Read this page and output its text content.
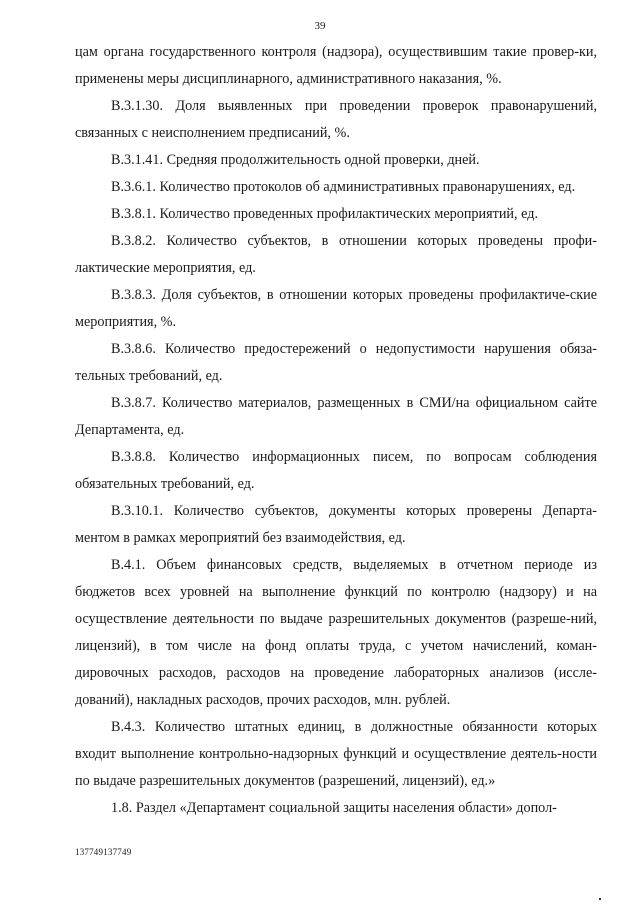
39

цам органа государственного контроля (надзора), осуществившим такие провер-ки, применены меры дисциплинарного, административного наказания, %.

В.3.1.30. Доля выявленных при проведении проверок правонарушений, связанных с неисполнением предписаний, %.

В.3.1.41. Средняя продолжительность одной проверки, дней.

В.3.6.1. Количество протоколов об административных правонарушениях, ед.

В.3.8.1. Количество проведенных профилактических мероприятий, ед.

В.3.8.2. Количество субъектов, в отношении которых проведены профи-лактические мероприятия, ед.

В.3.8.3. Доля субъектов, в отношении которых проведены профилактиче-ские мероприятия, %.

В.3.8.6. Количество предостережений о недопустимости нарушения обяза-тельных требований, ед.

В.3.8.7. Количество материалов, размещенных в СМИ/на официальном сайте Департамента, ед.

В.3.8.8. Количество информационных писем, по вопросам соблюдения обязательных требований, ед.

В.3.10.1. Количество субъектов, документы которых проверены Департа-ментом в рамках мероприятий без взаимодействия, ед.

В.4.1. Объем финансовых средств, выделяемых в отчетном периоде из бюджетов всех уровней на выполнение функций по контролю (надзору) и на осуществление деятельности по выдаче разрешительных документов (разреше-ний, лицензий), в том числе на фонд оплаты труда, с учетом начислений, коман-дировочных расходов, расходов на проведение лабораторных анализов (иссле-дований), накладных расходов, прочих расходов, млн. рублей.

В.4.3. Количество штатных единиц, в должностные обязанности которых входит выполнение контрольно-надзорных функций и осуществление деятель-ности по выдаче разрешительных документов (разрешений, лицензий), ед.»

1.8. Раздел «Департамент социальной защиты населения области» допол-

137749137749
